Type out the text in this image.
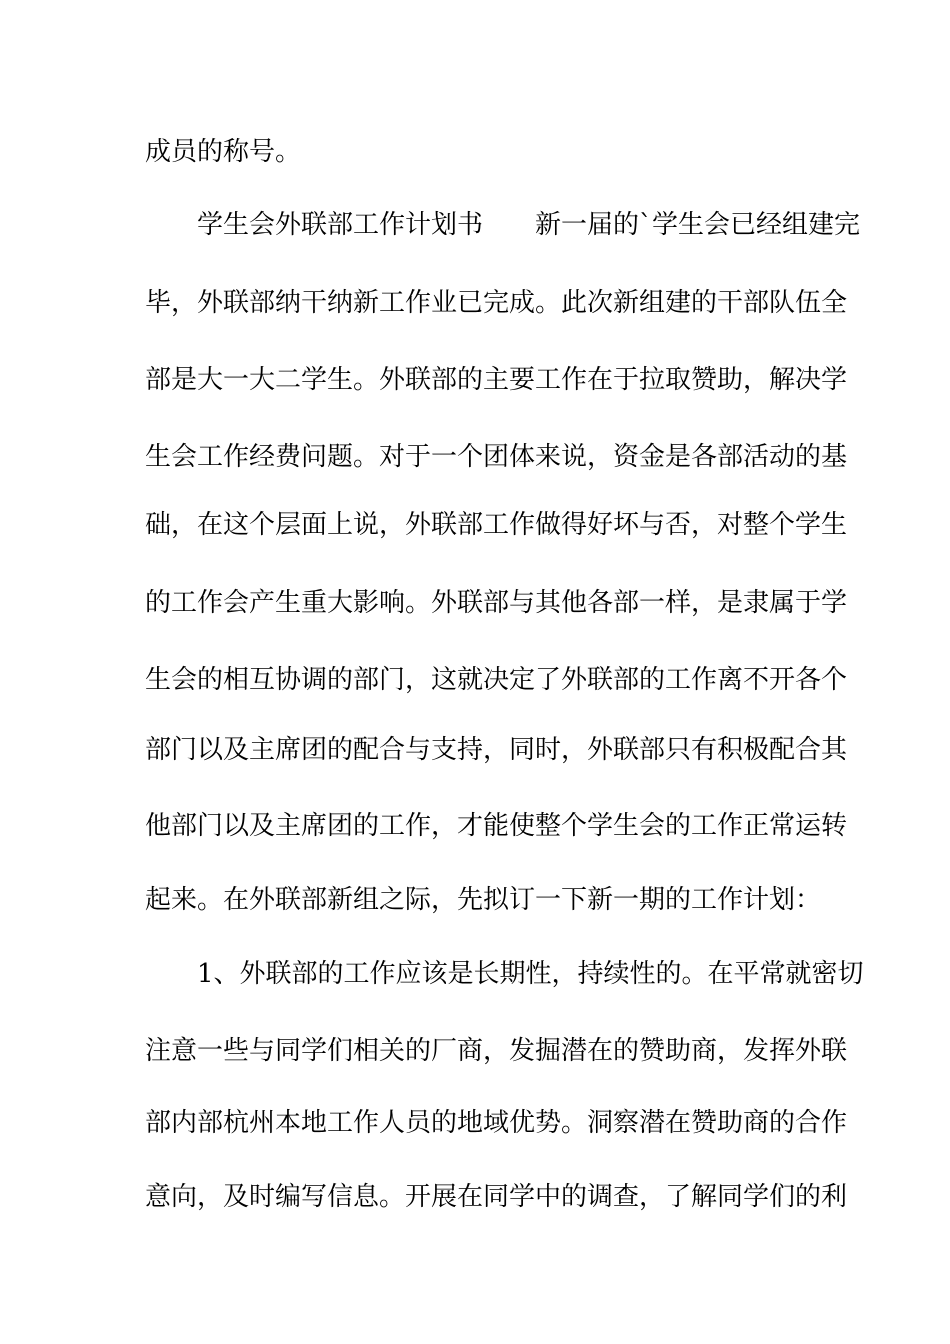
成员的称号。
学生会外联部工作计划书 新一届的`学生会已经组建完
毕，外联部纳干纳新工作业已完成。此次新组建的干部队伍全
部是大一大二学生。外联部的主要工作在于拉取赞助，解决学
生会工作经费问题。对于一个团体来说，资金是各部活动的基
础，在这个层面上说，外联部工作做得好坏与否，对整个学生
的工作会产生重大影响。外联部与其他各部一样，是隶属于学
生会的相互协调的部门，这就决定了外联部的工作离不开各个
部门以及主席团的配合与支持，同时，外联部只有积极配合其
他部门以及主席团的工作，才能使整个学生会的工作正常运转
起来。在外联部新组之际，先拟订一下新一期的工作计划：
1、外联部的工作应该是长期性，持续性的。在平常就密切
注意一些与同学们相关的厂商，发掘潜在的赞助商，发挥外联
部内部杭州本地工作人员的地域优势。洞察潜在赞助商的合作
意向，及时编写信息。开展在同学中的调查，了解同学们的利
